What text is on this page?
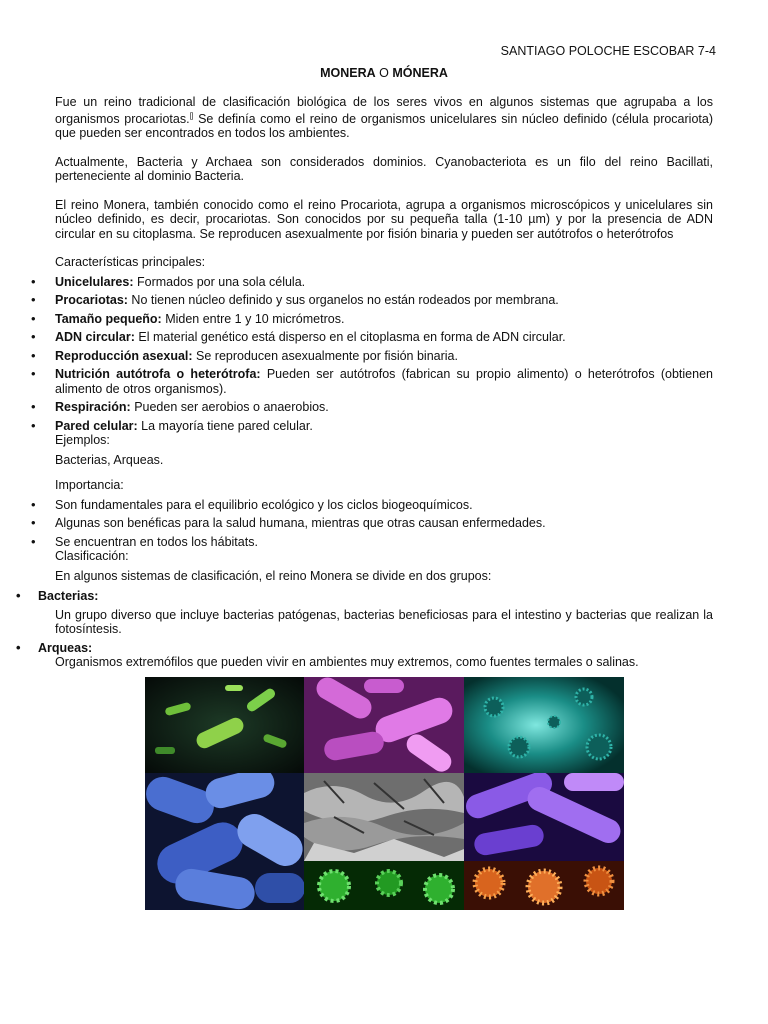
SANTIAGO POLOCHE ESCOBAR 7-4
MONERA O MÓNERA

Fue un reino tradicional de clasificación biológica de los seres vivos en algunos sistemas que agrupaba a los organismos procariotas.[] Se definía como el reino de organismos unicelulares sin núcleo definido (célula procariota) que pueden ser encontrados en todos los ambientes.

Actualmente, Bacteria y Archaea son considerados dominios. Cyanobacteriota es un filo del reino Bacillati, perteneciente al dominio Bacteria.

El reino Monera, también conocido como el reino Procariota, agrupa a organismos microscópicos y unicelulares sin núcleo definido, es decir, procariotas. Son conocidos por su pequeña talla (1-10 µm) y por la presencia de ADN circular en su citoplasma. Se reproducen asexualmente por fisión binaria y pueden ser autótrofos o heterótrofos

Características principales:

• Unicelulares: Formados por una sola célula.
• Procariotas: No tienen núcleo definido y sus organelos no están rodeados por membrana.
• Tamaño pequeño: Miden entre 1 y 10 micrómetros.
• ADN circular: El material genético está disperso en el citoplasma en forma de ADN circular.
• Reproducción asexual: Se reproducen asexualmente por fisión binaria.
• Nutrición autótrofa o heterótrofa: Pueden ser autótrofos (fabrican su propio alimento) o heterótrofos (obtienen alimento de otros organismos).
• Respiración: Pueden ser aerobios o anaerobios.
• Pared celular: La mayoría tiene pared celular.

Ejemplos:

Bacterias, Arqueas.

Importancia:

• Son fundamentales para el equilibrio ecológico y los ciclos biogeoquímicos.
• Algunas son benéficas para la salud humana, mientras que otras causan enfermedades.
• Se encuentran en todos los hábitats.

Clasificación:

En algunos sistemas de clasificación, el reino Monera se divide en dos grupos:

• Bacterias:
Un grupo diverso que incluye bacterias patógenas, bacterias beneficiosas para el intestino y bacterias que realizan la fotosíntesis.
• Arqueas:
Organismos extremófilos que pueden vivir en ambientes muy extremos, como fuentes termales o salinas.
